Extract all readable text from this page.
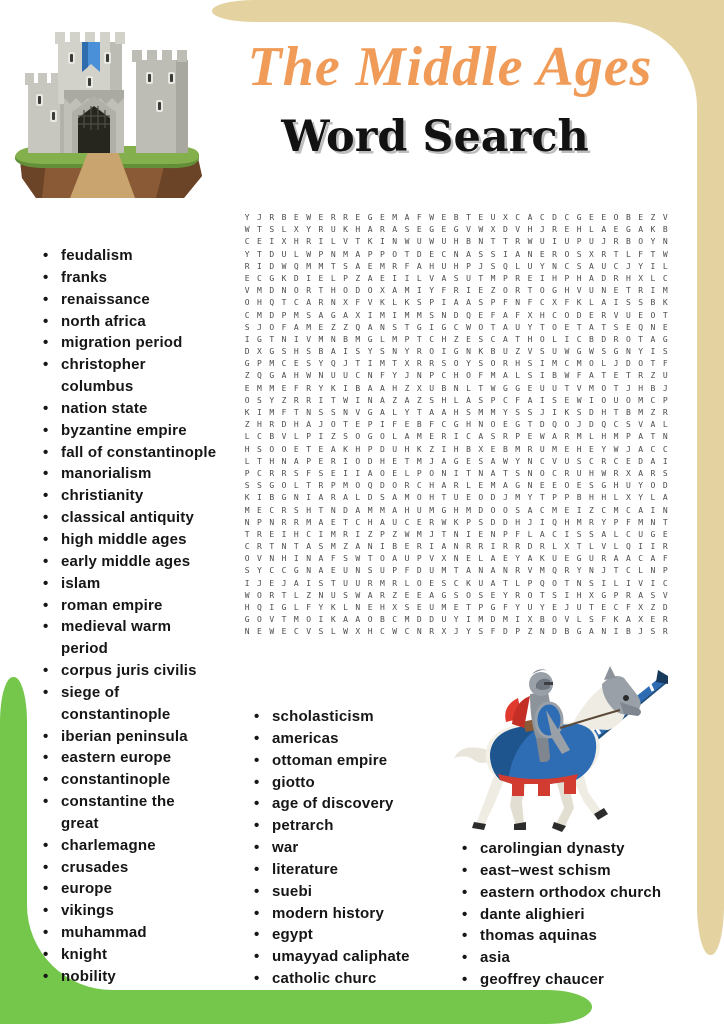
The Middle Ages
Word Search
Y J R B E W E R R E G E M A F W E B T E U X C A C D C G E E O B E Z V
W T S L X Y R U K H A R A S E G E G V W X D V H J R E H L A E G A K B
C E I X H R I L V T K I N W U W U H B N T T R W U I U P U J R B O Y N
Y T D U L W P N M A P P O T D E C N A S S I A N E R O S X R T L F T W
R I D W Q M M T S A E M R F A H U H P J S Q L U Y N C S A U C J Y I L
E C G K D I E L P Z A E I I L V A S U T M P R E I H P H A D R H X L C
V M D N O R T H O D O X A M I Y F R I E Z O R T O G H V U N E T R I M
O H Q T C A R N X F V K L K S P I A A S P F N F C X F K L A I S S B K
C M D P M S A G A X I M I M M S N D Q E F A F X H C O D E R V U E O T
S J O F A M E Z Z Q A N S T G I G C W O T A U Y T O E T A T S E Q N E
I G T N I V M N B M G L M P T C H Z E S C A T H O L I C B D R O T A G
D X G S H S B A I S Y S N Y R O I G N K B U Z V S U W G W S G N Y I S
G P M C E S Y Q J T I M T X R R S O Y S O R H S I M C M O L J D O T F
Z Q G A H W N U U C N F Y J N P C H O F M A L S I B W F A T E T R Z U
E M M E F R Y K I B A A H Z X U B N L T W G G E U U T V M O T J H B J
O S Y Z R R I T W I N A Z A Z S H L A S P C F A I S E W I O U O M C P
K I M F T N S S N V G A L Y T A A H S M M Y S S J I K S D H T B M Z R
Z H R D H A J O T E P I F E B F C G H N O E G T D Q O J D Q C S V A L
L C B V L P I Z S O G O L A M E R I C A S R P E W A R M L H M P A T N
H S O O E T E A K H P D U H K Z I H B X E B M R U M E H E Y W J A C C
L T H N A P E R I O D H E T M J A G E S A W Y N C V U S C R C E D A I
P C R R S F S E I I A O E L P O N I T N A T S N O C R U H W R X A R S
S S G O L T R P M O Q D O R C H A R L E M A G N E E O E S G H U Y O D
K I B G N I A R A L D S A M O H T U E O D J M Y T P P B H H L X Y L A
M E C R S H T N D A M M A H U M G H M D O O S A C M E I Z C M C A I N
N P N R R M A E T C H A U C E R W K P S D D H J I Q H M R Y P F M N T
T R E I H C I M R I Z P Z W M J T N I E N P F L A C I S S A L C U G E
C R T N T A S M Z A N I B E R I A N R R I R R D R L X T L V L Q I I R
O V N H I N A F S W T O A U P V X N E L A E Y A K U E G U R A A C A F
S Y C C G N A E U N S U P F D U M T A N A N R V M Q R Y N J T C L N P
I J E J A I S T U U R M R L O E S C K U A T L P Q O T N S I L I V I C
W O R T L Z N U S W A R Z E E A G S O S E Y R O T S I H X G P R A S V
H Q I G L F Y K L N E H X S E U M E T P G F Y U Y E J U T E C F X Z D
G O V T M O I K A A O B C M D D U Y I M D M I X B O V L S F K A X E R
N E W E C V S L W X H C W C N R X J Y S F D P Z N D B G A N I B J S R
• feudalism
• franks
• renaissance
• north africa
• migration period
• christopher
columbus
• nation state
• byzantine empire
• fall of constantinople
• manorialism
• christianity
• classical antiquity
• high middle ages
• early middle ages
• islam
• roman empire
• medieval warm
period
• corpus juris civilis
• siege of
constantinople
• iberian peninsula
• eastern europe
• constantinople
• constantine the
great
• charlemagne
• crusades
• europe
• vikings
• muhammad
• knight
• nobility
• scholasticism
• americas
• ottoman empire
• giotto
• age of discovery
• petrarch
• war
• literature
• suebi
• modern history
• egypt
• umayyad caliphate
• catholic churc
• carolingian dynasty
• east–west schism
• eastern orthodox church
• dante alighieri
• thomas aquinas
• asia
• geoffrey chaucer
